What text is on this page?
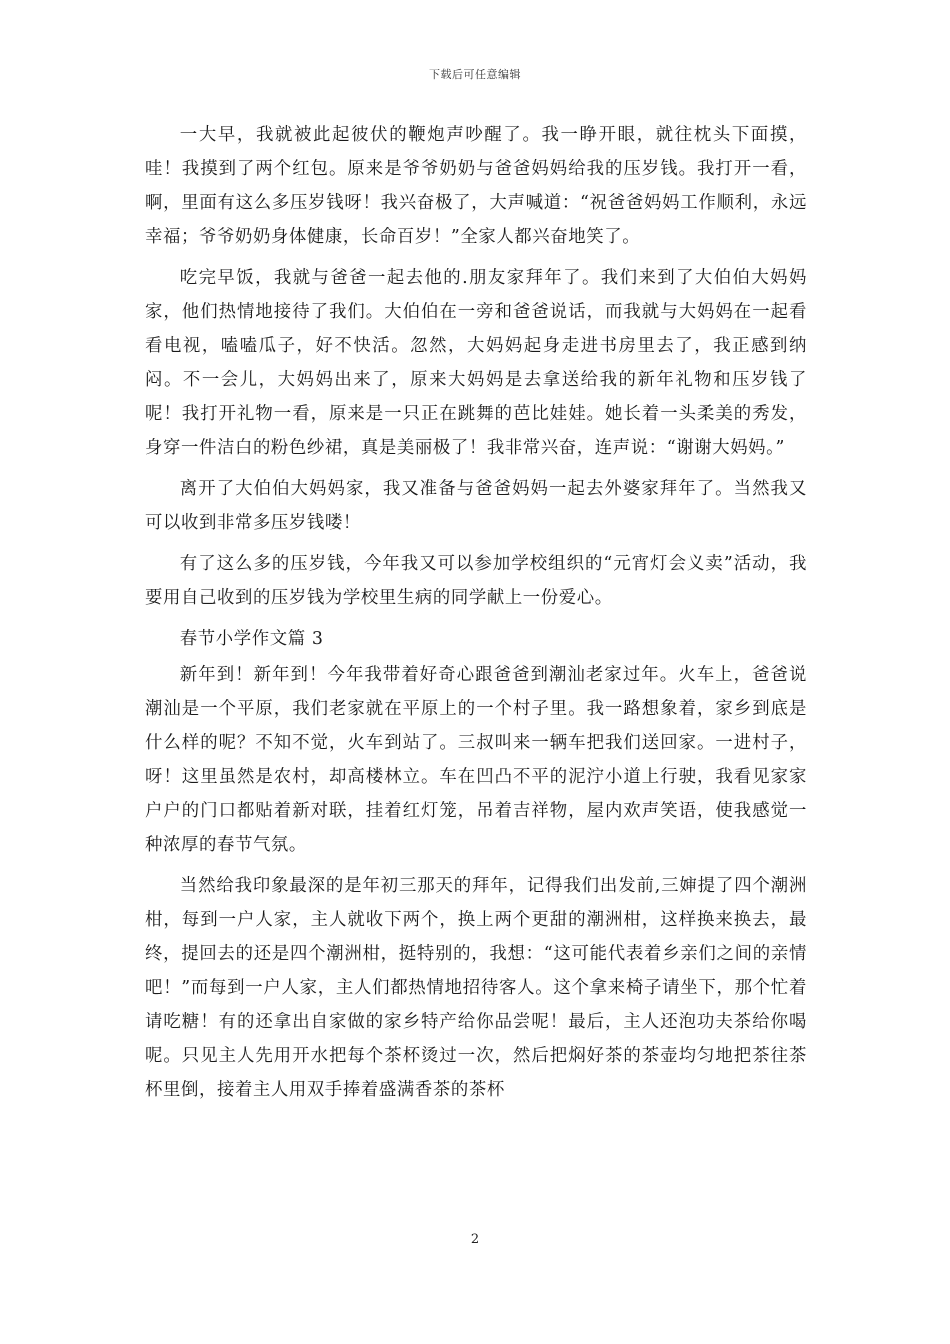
下载后可任意编辑

一大早，我就被此起彼伏的鞭炮声吵醒了。我一睁开眼，就往枕头下面摸，哇！我摸到了两个红包。原来是爷爷奶奶与爸爸妈妈给我的压岁钱。我打开一看，啊，里面有这么多压岁钱呀！我兴奋极了，大声喊道：“祝爸爸妈妈工作顺利，永远幸福；爷爷奶奶身体健康，长命百岁！”全家人都兴奋地笑了。

吃完早饭，我就与爸爸一起去他的.朋友家拜年了。我们来到了大伯伯大妈妈家，他们热情地接待了我们。大伯伯在一旁和爸爸说话，而我就与大妈妈在一起看看电视，嗑嗑瓜子，好不快活。忽然，大妈妈起身走进书房里去了，我正感到纳闷。不一会儿，大妈妈出来了，原来大妈妈是去拿送给我的新年礼物和压岁钱了呢！我打开礼物一看，原来是一只正在跳舞的芭比娃娃。她长着一头柔美的秀发，身穿一件洁白的粉色纱裙，真是美丽极了！我非常兴奋，连声说：“谢谢大妈妈。”

离开了大伯伯大妈妈家，我又准备与爸爸妈妈一起去外婆家拜年了。当然我又可以收到非常多压岁钱喽！

有了这么多的压岁钱，今年我又可以参加学校组织的“元宵灯会义卖”活动，我要用自己收到的压岁钱为学校里生病的同学献上一份爱心。

春节小学作文篇 3

新年到！新年到！今年我带着好奇心跟爸爸到潮汕老家过年。火车上，爸爸说潮汕是一个平原，我们老家就在平原上的一个村子里。我一路想象着，家乡到底是什么样的呢？不知不觉，火车到站了。三叔叫来一辆车把我们送回家。一进村子，呀！这里虽然是农村，却高楼林立。车在凹凸不平的泥泞小道上行驶，我看见家家户户的门口都贴着新对联，挂着红灯笼，吊着吉祥物，屋内欢声笑语，使我感觉一种浓厚的春节气氛。

当然给我印象最深的是年初三那天的拜年，记得我们出发前,三婶提了四个潮洲柑，每到一户人家，主人就收下两个，换上两个更甜的潮洲柑，这样换来换去，最终，提回去的还是四个潮洲柑，挺特别的，我想：“这可能代表着乡亲们之间的亲情吧！”而每到一户人家，主人们都热情地招待客人。这个拿来椅子请坐下，那个忙着请吃糖！有的还拿出自家做的家乡特产给你品尝呢！最后，主人还泡功夫茶给你喝呢。只见主人先用开水把每个茶杯烫过一次，然后把焖好茶的茶壶均匀地把茶往茶杯里倒，接着主人用双手捧着盛满香茶的茶杯

2
